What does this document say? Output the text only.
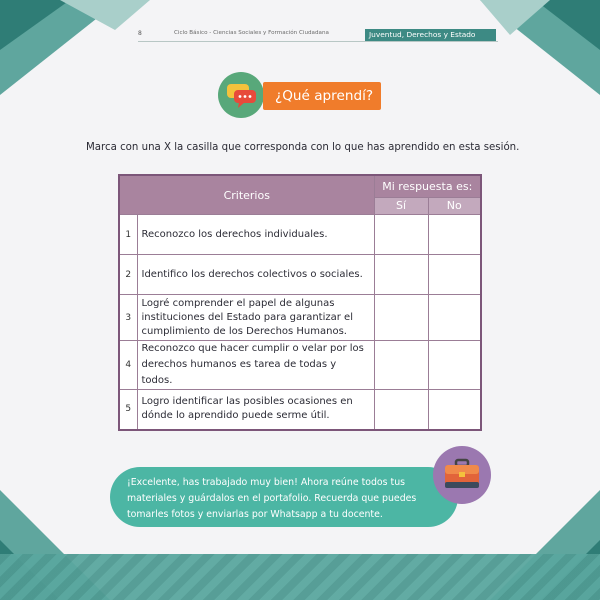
8	Ciclo Básico - Ciencias Sociales y Formación Ciudadana	Juventud, Derechos y Estado
¿Qué aprendí?
Marca con una X la casilla que corresponda con lo que has aprendido en esta sesión.
Criterios		Mi respuesta es:	
		Sí	No
1	Reconozco los derechos individuales.		
2	Identifico los derechos colectivos o sociales.		
3	Logré comprender el papel de algunas
instituciones del Estado para garantizar el
cumplimiento de los Derechos Humanos.		
4	Reconozco que hacer cumplir o velar por los
derechos humanos es tarea de todas y todos.		
5	Logro identificar las posibles ocasiones en
dónde lo aprendido puede serme útil.		
¡Excelente, has trabajado muy bien! Ahora reúne todos tus
materiales y guárdalos en el portafolio. Recuerda que puedes
tomarles fotos y enviarlas por Whatsapp a tu docente.
